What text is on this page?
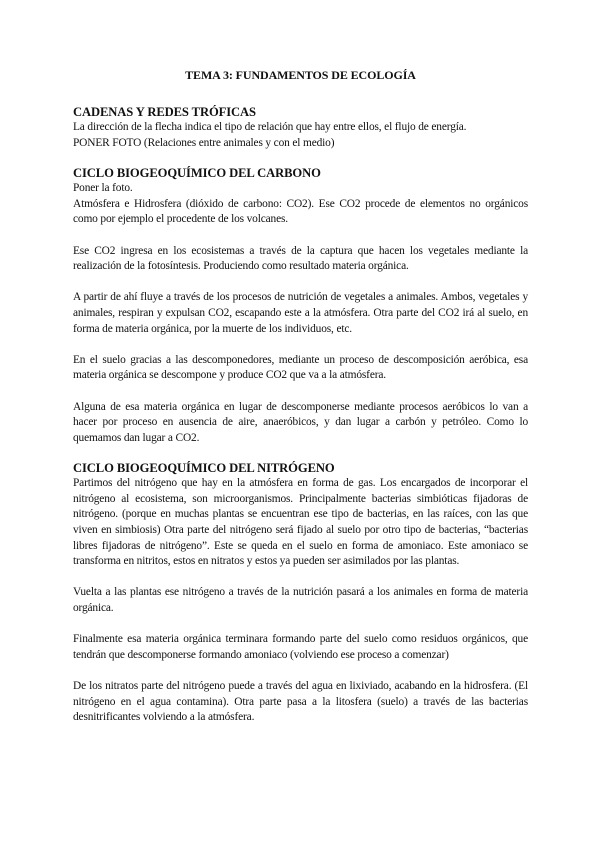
TEMA 3: FUNDAMENTOS DE ECOLOGÍA
CADENAS Y REDES TRÓFICAS

La dirección de la flecha indica el tipo de relación que hay entre ellos, el flujo de energía.

PONER FOTO (Relaciones entre animales y con el medio)

CICLO BIOGEOQUÍMICO DEL CARBONO

Poner la foto.

Atmósfera e Hidrosfera (dióxido de carbono: CO2). Ese CO2 procede de elementos no orgánicos como por ejemplo el procedente de los volcanes.

Ese CO2 ingresa en los ecosistemas a través de la captura que hacen los vegetales mediante la realización de la fotosíntesis. Produciendo como resultado materia orgánica.

A partir de ahí fluye a través de los procesos de nutrición de vegetales a animales. Ambos, vegetales y animales, respiran y expulsan CO2, escapando este a la atmósfera. Otra parte del CO2 irá al suelo, en forma de materia orgánica, por la muerte de los individuos, etc.

En el suelo gracias a las descomponedores, mediante un proceso de descomposición aeróbica, esa materia orgánica se descompone y produce CO2 que va a la atmósfera.

Alguna de esa materia orgánica en lugar de descomponerse mediante procesos aeróbicos lo van a hacer por proceso en ausencia de aire, anaeróbicos, y dan lugar a carbón y petróleo. Como lo quemamos dan lugar a CO2.

CICLO BIOGEOQUÍMICO DEL NITRÓGENO

Partimos del nitrógeno que hay en la atmósfera en forma de gas. Los encargados de incorporar el nitrógeno al ecosistema, son microorganismos. Principalmente bacterias simbióticas fijadoras de nitrógeno. (porque en muchas plantas se encuentran ese tipo de bacterias, en las raíces, con las que viven en simbiosis) Otra parte del nitrógeno será fijado al suelo por otro tipo de bacterias, “bacterias libres fijadoras de nitrógeno”. Este se queda en el suelo en forma de amoniaco. Este amoniaco se transforma en nitritos, estos en nitratos y estos ya pueden ser asimilados por las plantas.

Vuelta a las plantas ese nitrógeno a través de la nutrición pasará a los animales en forma de materia orgánica.

Finalmente esa materia orgánica terminara formando parte del suelo como residuos orgánicos, que tendrán que descomponerse formando amoniaco (volviendo ese proceso a comenzar)

De los nitratos parte del nitrógeno puede a través del agua en lixiviado, acabando en la hidrosfera. (El nitrógeno en el agua contamina). Otra parte pasa a la litosfera (suelo) a través de las bacterias desnitrificantes volviendo a la atmósfera.
